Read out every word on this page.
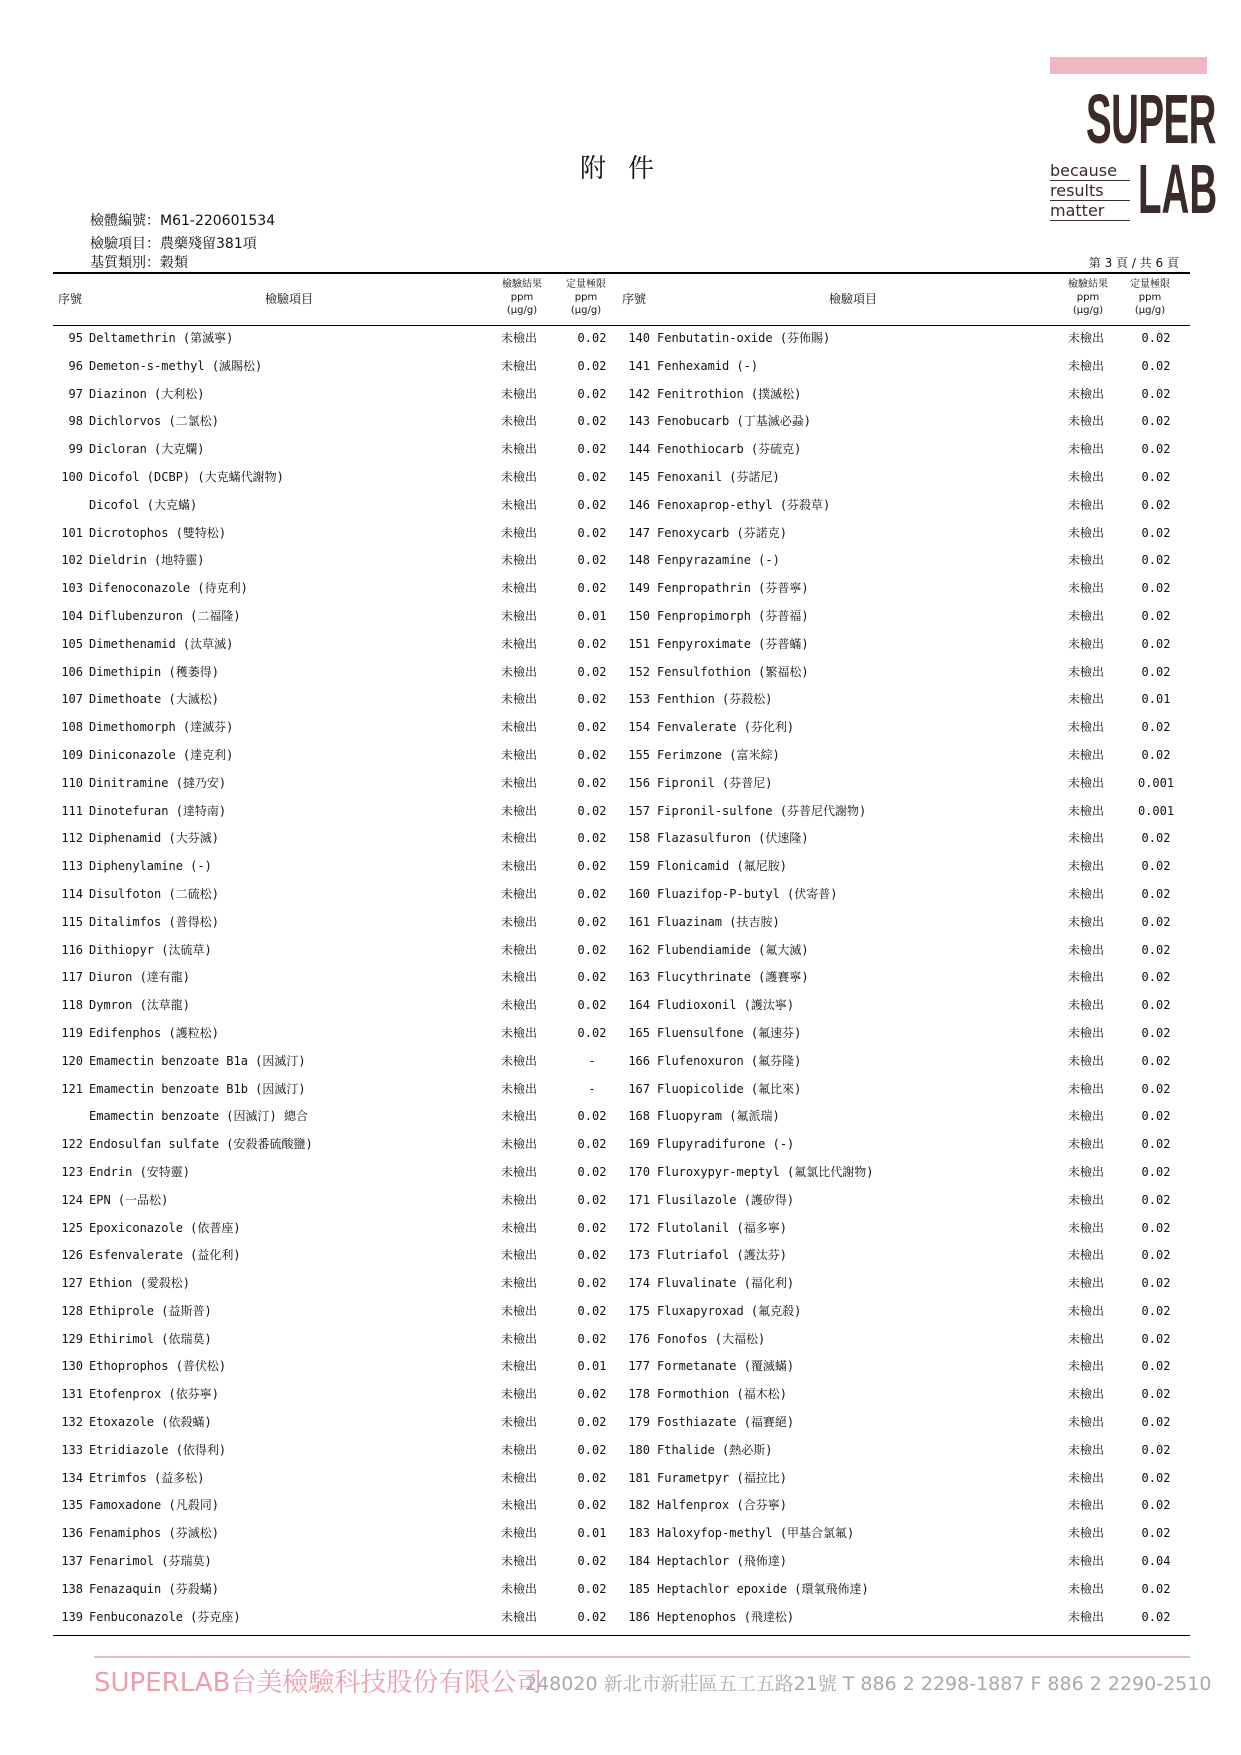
SUPER
LAB
because
results
matter
附件
檢體編號：M61-220601534
檢驗項目：農藥殘留381項
基質類別：穀類	第 3 頁 / 共 6 頁
序號	檢驗項目
檢驗結果
ppm
(μg/g)
定量極限
ppm
(μg/g)
序號	檢驗項目
檢驗結果
ppm
(μg/g)
定量極限
ppm
(μg/g)
95 Deltamethrin (第滅寧)	未檢出	0.02	140 Fenbutatin-oxide (芬佈賜)	未檢出	0.02
96 Demeton-s-methyl (滅賜松)	未檢出	0.02	141 Fenhexamid (-)	未檢出	0.02
97 Diazinon (大利松)	未檢出	0.02	142 Fenitrothion (撲滅松)	未檢出	0.02
98 Dichlorvos (二氯松)	未檢出	0.02	143 Fenobucarb (丁基滅必蝨)	未檢出	0.02
99 Dicloran (大克爛)	未檢出	0.02	144 Fenothiocarb (芬硫克)	未檢出	0.02
100 Dicofol (DCBP) (大克蟎代謝物)	未檢出	0.02	145 Fenoxanil (芬諾尼)	未檢出	0.02
Dicofol (大克蟎)	未檢出	0.02	146 Fenoxaprop-ethyl (芬殺草)	未檢出	0.02
101 Dicrotophos (雙特松)	未檢出	0.02	147 Fenoxycarb (芬諾克)	未檢出	0.02
102 Dieldrin (地特靈)	未檢出	0.02	148 Fenpyrazamine (-)	未檢出	0.02
103 Difenoconazole (待克利)	未檢出	0.02	149 Fenpropathrin (芬普寧)	未檢出	0.02
104 Diflubenzuron (二福隆)	未檢出	0.01	150 Fenpropimorph (芬普福)	未檢出	0.02
105 Dimethenamid (汰草滅)	未檢出	0.02	151 Fenpyroximate (芬普蟎)	未檢出	0.02
106 Dimethipin (穫萎得)	未檢出	0.02	152 Fensulfothion (繁福松)	未檢出	0.02
107 Dimethoate (大滅松)	未檢出	0.02	153 Fenthion (芬殺松)	未檢出	0.01
108 Dimethomorph (達滅芬)	未檢出	0.02	154 Fenvalerate (芬化利)	未檢出	0.02
109 Diniconazole (達克利)	未檢出	0.02	155 Ferimzone (富米綜)	未檢出	0.02
110 Dinitramine (撻乃安)	未檢出	0.02	156 Fipronil (芬普尼)	未檢出	0.001
111 Dinotefuran (達特南)	未檢出	0.02	157 Fipronil-sulfone (芬普尼代謝物)	未檢出	0.001
112 Diphenamid (大芬滅)	未檢出	0.02	158 Flazasulfuron (伏速隆)	未檢出	0.02
113 Diphenylamine (-)	未檢出	0.02	159 Flonicamid (氟尼胺)	未檢出	0.02
114 Disulfoton (二硫松)	未檢出	0.02	160 Fluazifop-P-butyl (伏寄普)	未檢出	0.02
115 Ditalimfos (普得松)	未檢出	0.02	161 Fluazinam (扶吉胺)	未檢出	0.02
116 Dithiopyr (汰硫草)	未檢出	0.02	162 Flubendiamide (氟大滅)	未檢出	0.02
117 Diuron (達有龍)	未檢出	0.02	163 Flucythrinate (護賽寧)	未檢出	0.02
118 Dymron (汰草龍)	未檢出	0.02	164 Fludioxonil (護汰寧)	未檢出	0.02
119 Edifenphos (護粒松)	未檢出	0.02	165 Fluensulfone (氟速芬)	未檢出	0.02
120 Emamectin benzoate B1a (因滅汀)	未檢出	-	166 Flufenoxuron (氟芬隆)	未檢出	0.02
121 Emamectin benzoate B1b (因滅汀)	未檢出	-	167 Fluopicolide (氟比來)	未檢出	0.02
Emamectin benzoate (因滅汀) 總合	未檢出	0.02	168 Fluopyram (氟派瑞)	未檢出	0.02
122 Endosulfan sulfate (安殺番硫酸鹽)	未檢出	0.02	169 Flupyradifurone (-)	未檢出	0.02
123 Endrin (安特靈)	未檢出	0.02	170 Fluroxypyr-meptyl (氟氯比代謝物)	未檢出	0.02
124 EPN (一品松)	未檢出	0.02	171 Flusilazole (護矽得)	未檢出	0.02
125 Epoxiconazole (依普座)	未檢出	0.02	172 Flutolanil (福多寧)	未檢出	0.02
126 Esfenvalerate (益化利)	未檢出	0.02	173 Flutriafol (護汰芬)	未檢出	0.02
127 Ethion (愛殺松)	未檢出	0.02	174 Fluvalinate (福化利)	未檢出	0.02
128 Ethiprole (益斯普)	未檢出	0.02	175 Fluxapyroxad (氟克殺)	未檢出	0.02
129 Ethirimol (依瑞莫)	未檢出	0.02	176 Fonofos (大福松)	未檢出	0.02
130 Ethoprophos (普伏松)	未檢出	0.01	177 Formetanate (覆滅蟎)	未檢出	0.02
131 Etofenprox (依芬寧)	未檢出	0.02	178 Formothion (福木松)	未檢出	0.02
132 Etoxazole (依殺蟎)	未檢出	0.02	179 Fosthiazate (福賽絕)	未檢出	0.02
133 Etridiazole (依得利)	未檢出	0.02	180 Fthalide (熱必斯)	未檢出	0.02
134 Etrimfos (益多松)	未檢出	0.02	181 Furametpyr (福拉比)	未檢出	0.02
135 Famoxadone (凡殺同)	未檢出	0.02	182 Halfenprox (合芬寧)	未檢出	0.02
136 Fenamiphos (芬滅松)	未檢出	0.01	183 Haloxyfop-methyl (甲基合氯氟)	未檢出	0.02
137 Fenarimol (芬瑞莫)	未檢出	0.02	184 Heptachlor (飛佈達)	未檢出	0.04
138 Fenazaquin (芬殺蟎)	未檢出	0.02	185 Heptachlor epoxide (環氧飛佈達)	未檢出	0.02
139 Fenbuconazole (芬克座)	未檢出	0.02	186 Heptenophos (飛達松)	未檢出	0.02
SUPERLAB台美檢驗科技股份有限公司
248020 新北市新莊區五工五路21號 T 886 2 2298-1887 F 886 2 2290-2510
